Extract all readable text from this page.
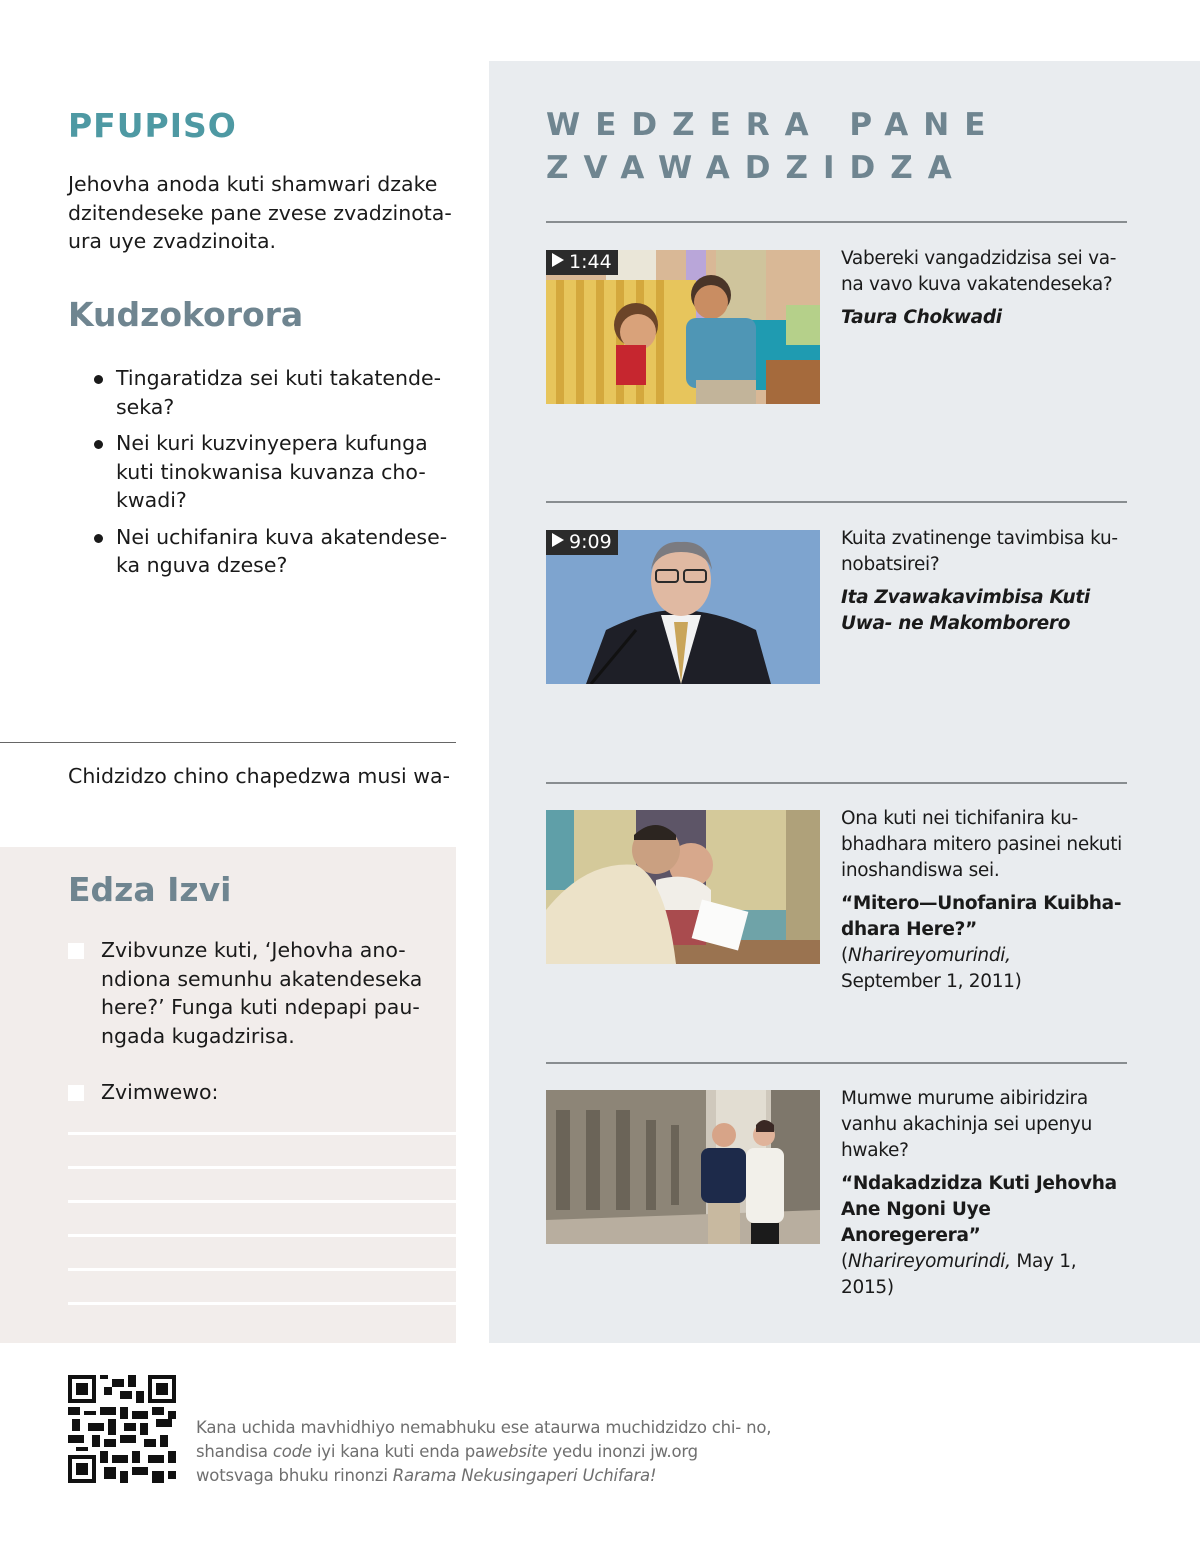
PFUPISO

Jehovha anoda kuti shamwari dzake dzitendeseke pane zvese zvadzinota- ura uye zvadzinoita.

Kudzokorora
Tingaratidza sei kuti takatende- seka?
Nei kuri kuzvinyepera kufunga kuti tinokwanisa kuvanza cho- kwadi?
Nei uchifanira kuva akatendese- ka nguva dzese?

Chidzidzo chino chapedzwa musi wa-

Edza Izvi
Zvibvunze kuti, ‘Jehovha ano- ndiona semunhu akatendeseka here?’ Funga kuti ndepapi pau- ngada kugadzirisa.
Zvimwewo:
WEDZERA PANE ZVAWADZIDZA
1:44	Vabereki vangadzidzisa sei va- na vavo kuva vakatendeseka?
Taura Chokwadi
9:09	Kuita zvatinenge tavimbisa ku- nobatsirei?
Ita Zvawakavimbisa Kuti Uwa- ne Makomborero
Ona kuti nei tichifanira ku- bhadhara mitero pasinei nekuti inoshandiswa sei.
“Mitero—Unofanira Kuibha- dhara Here?” (Nharireyomurindi,
September 1, 2011)
Mumwe murume aibiridzira vanhu akachinja sei upenyu hwake?
“Ndakadzidza Kuti Jehovha Ane Ngoni Uye Anoregerera”
(Nharireyomurindi, May 1, 2015)

Kana uchida mavhidhiyo nemabhuku ese ataurwa muchidzidzo chi- no, shandisa code iyi kana kuti enda pawebsite yedu inonzi jw.org wotsvaga bhuku rinonzi Rarama Nekusingaperi Uchifara!
